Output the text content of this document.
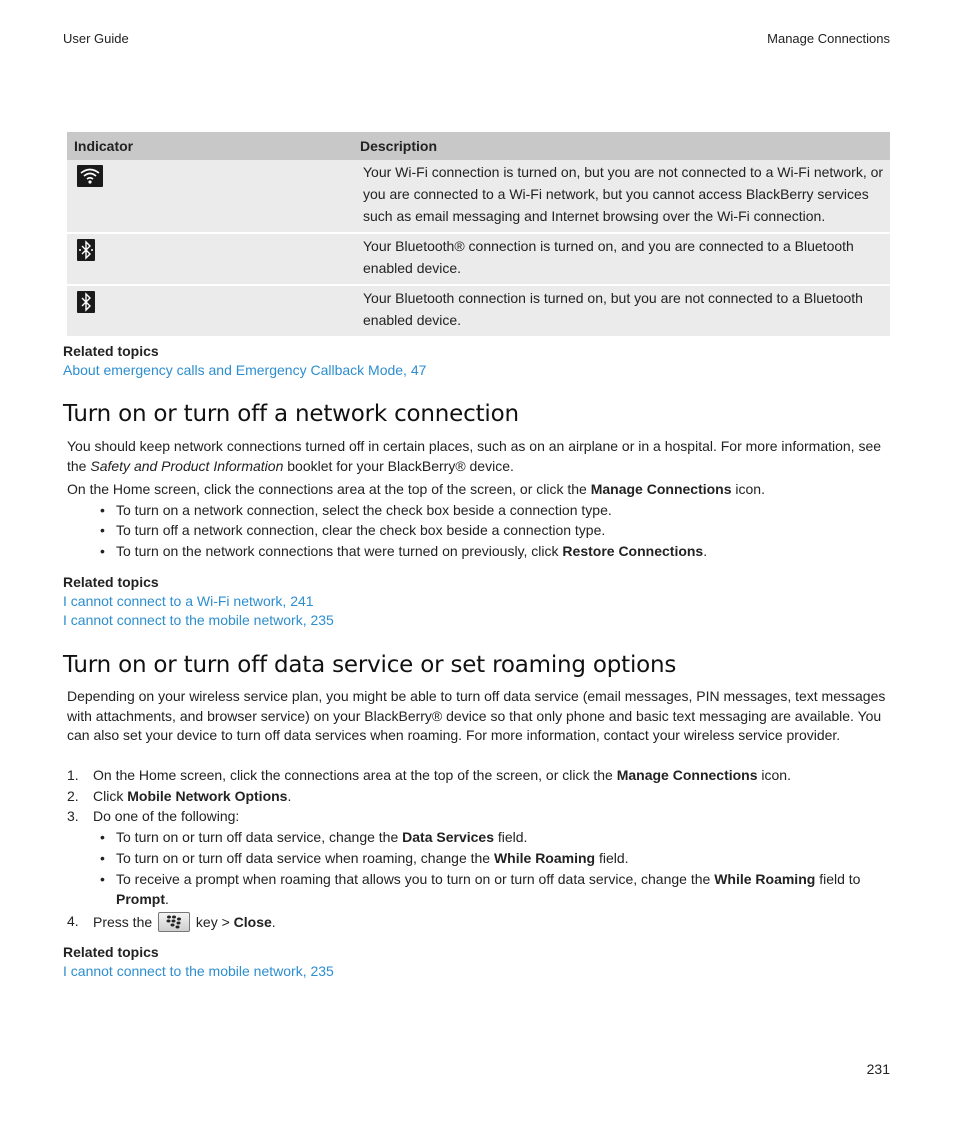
User Guide	Manage Connections
Indicator	Description

	Your Wi-Fi connection is turned on, but you are not connected to a Wi-Fi network, or you are connected to a Wi-Fi network, but you cannot access BlackBerry services such as email messaging and Internet browsing over the Wi-Fi connection.

	Your Bluetooth® connection is turned on, and you are connected to a Bluetooth enabled device.

	Your Bluetooth connection is turned on, but you are not connected to a Bluetooth enabled device.
Related topics
About emergency calls and Emergency Callback Mode, 47
Turn on or turn off a network connection

You should keep network connections turned off in certain places, such as on an airplane or in a hospital. For more information, see the Safety and Product Information booklet for your BlackBerry® device.

On the Home screen, click the connections area at the top of the screen, or click the Manage Connections icon.

• To turn on a network connection, select the check box beside a connection type.
• To turn off a network connection, clear the check box beside a connection type.
• To turn on the network connections that were turned on previously, click Restore Connections.
Related topics
I cannot connect to a Wi-Fi network, 241
I cannot connect to the mobile network, 235
Turn on or turn off data service or set roaming options

Depending on your wireless service plan, you might be able to turn off data service (email messages, PIN messages, text messages with attachments, and browser service) on your BlackBerry® device so that only phone and basic text messaging are available. You can also set your device to turn off data services when roaming. For more information, contact your wireless service provider.

1. On the Home screen, click the connections area at the top of the screen, or click the Manage Connections icon.
2. Click Mobile Network Options.
3. Do one of the following:
• To turn on or turn off data service, change the Data Services field.
• To turn on or turn off data service when roaming, change the While Roaming field.
• To receive a prompt when roaming that allows you to turn on or turn off data service, change the While Roaming field to Prompt.
4. Press the	key > Close.
Related topics
I cannot connect to the mobile network, 235
231
